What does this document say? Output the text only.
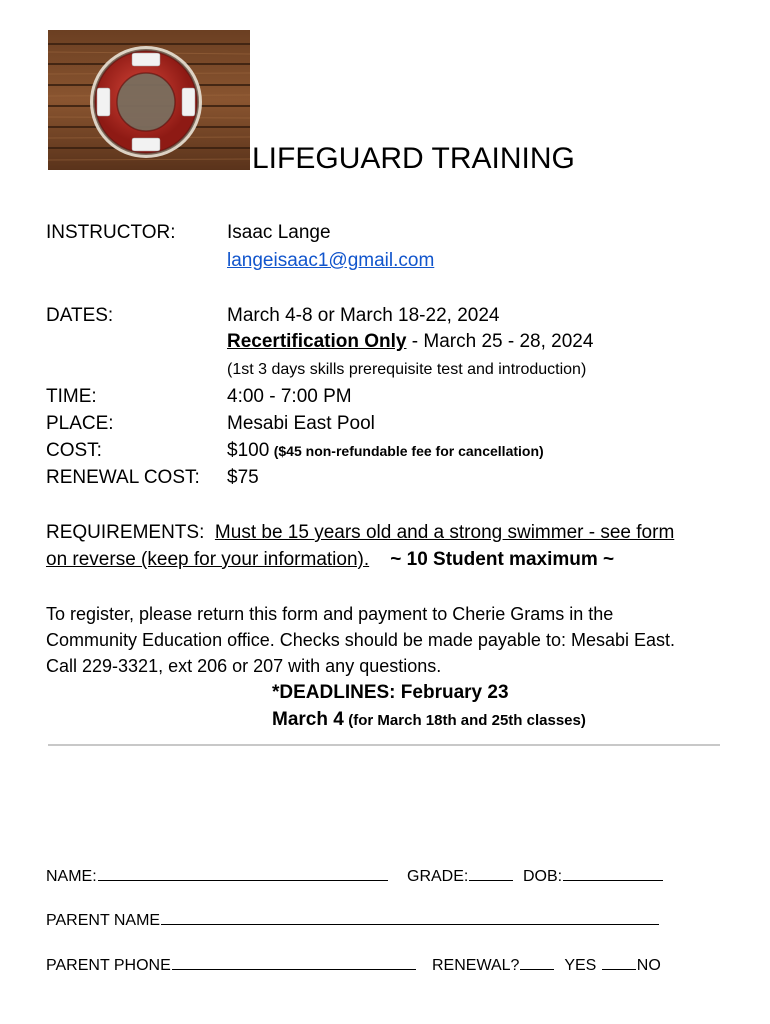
LIFEGUARD TRAINING
INSTRUCTOR:	Isaac Lange
langeisaac1@gmail.com
DATES:	March 4-8 or March 18-22, 2024
Recertification Only - March 25 - 28, 2024
(1st 3 days skills prerequisite test and introduction)
TIME:	4:00 - 7:00 PM
PLACE:	Mesabi East Pool
COST:	$100 ($45 non-refundable fee for cancellation)
RENEWAL COST: $75
REQUIREMENTS: Must be 15 years old and a strong swimmer - see form
on reverse (keep for your information). ~ 10 Student maximum ~
To register, please return this form and payment to Cherie Grams in the
Community Education office. Checks should be made payable to: Mesabi East.
Call 229-3321, ext 206 or 207 with any questions.
*DEADLINES: February 23
March 4 (for March 18th and 25th classes)
NAME:	GRADE:	DOB:
PARENT NAME
PARENT PHONE	RENEWAL?	YES	NO
